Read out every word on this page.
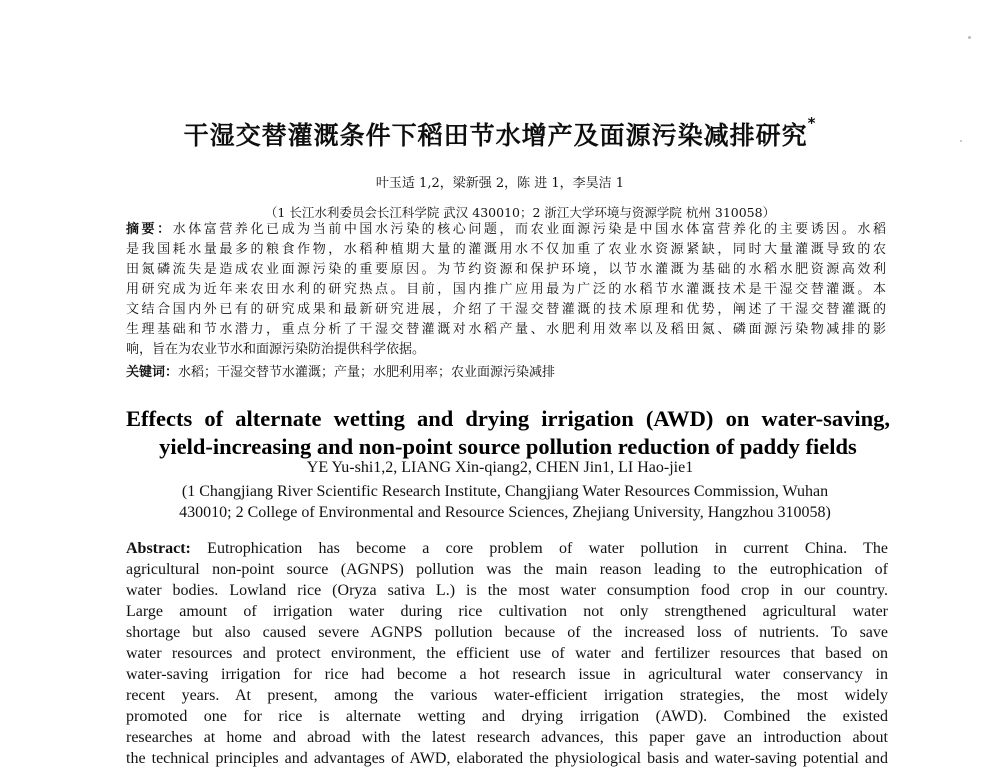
干湿交替灌溉条件下稻田节水增产及面源污染减排研究*
叶玉适 1,2，梁新强 2，陈 进 1，李昊洁 1
（1 长江水利委员会长江科学院 武汉 430010；2 浙江大学环境与资源学院 杭州 310058）
摘要：水体富营养化已成为当前中国水污染的核心问题，而农业面源污染是中国水体富营养化的主要诱因。水稻
是我国耗水量最多的粮食作物，水稻种植期大量的灌溉用水不仅加重了农业水资源紧缺，同时大量灌溉导致的农
田氮磷流失是造成农业面源污染的重要原因。为节约资源和保护环境，以节水灌溉为基础的水稻水肥资源高效利
用研究成为近年来农田水利的研究热点。目前，国内推广应用最为广泛的水稻节水灌溉技术是干湿交替灌溉。本
文结合国内外已有的研究成果和最新研究进展，介绍了干湿交替灌溉的技术原理和优势，阐述了干湿交替灌溉的
生理基础和节水潜力，重点分析了干湿交替灌溉对水稻产量、水肥利用效率以及稻田氮、磷面源污染物减排的影
响，旨在为农业节水和面源污染防治提供科学依据。
关键词：水稻；干湿交替节水灌溉；产量；水肥利用率；农业面源污染减排
Effects of alternate wetting and drying irrigation (AWD) on water-saving,
yield-increasing and non-point source pollution reduction of paddy fields
YE Yu-shi1,2, LIANG Xin-qiang2, CHEN Jin1, LI Hao-jie1
(1 Changjiang River Scientific Research Institute, Changjiang Water Resources Commission, Wuhan
430010; 2 College of Environmental and Resource Sciences, Zhejiang University, Hangzhou 310058)
Abstract: Eutrophication has become a core problem of water pollution in current China. The
agricultural non-point source (AGNPS) pollution was the main reason leading to the eutrophication of
water bodies. Lowland rice (Oryza sativa L.) is the most water consumption food crop in our country.
Large amount of irrigation water during rice cultivation not only strengthened agricultural water
shortage but also caused severe AGNPS pollution because of the increased loss of nutrients. To save
water resources and protect environment, the efficient use of water and fertilizer resources that based on
water-saving irrigation for rice had become a hot research issue in agricultural water conservancy in
recent years. At present, among the various water-efficient irrigation strategies, the most widely
promoted one for rice is alternate wetting and drying irrigation (AWD). Combined the existed
researches at home and abroad with the latest research advances, this paper gave an introduction about
the technical principles and advantages of AWD, elaborated the physiological basis and water-saving potential and
